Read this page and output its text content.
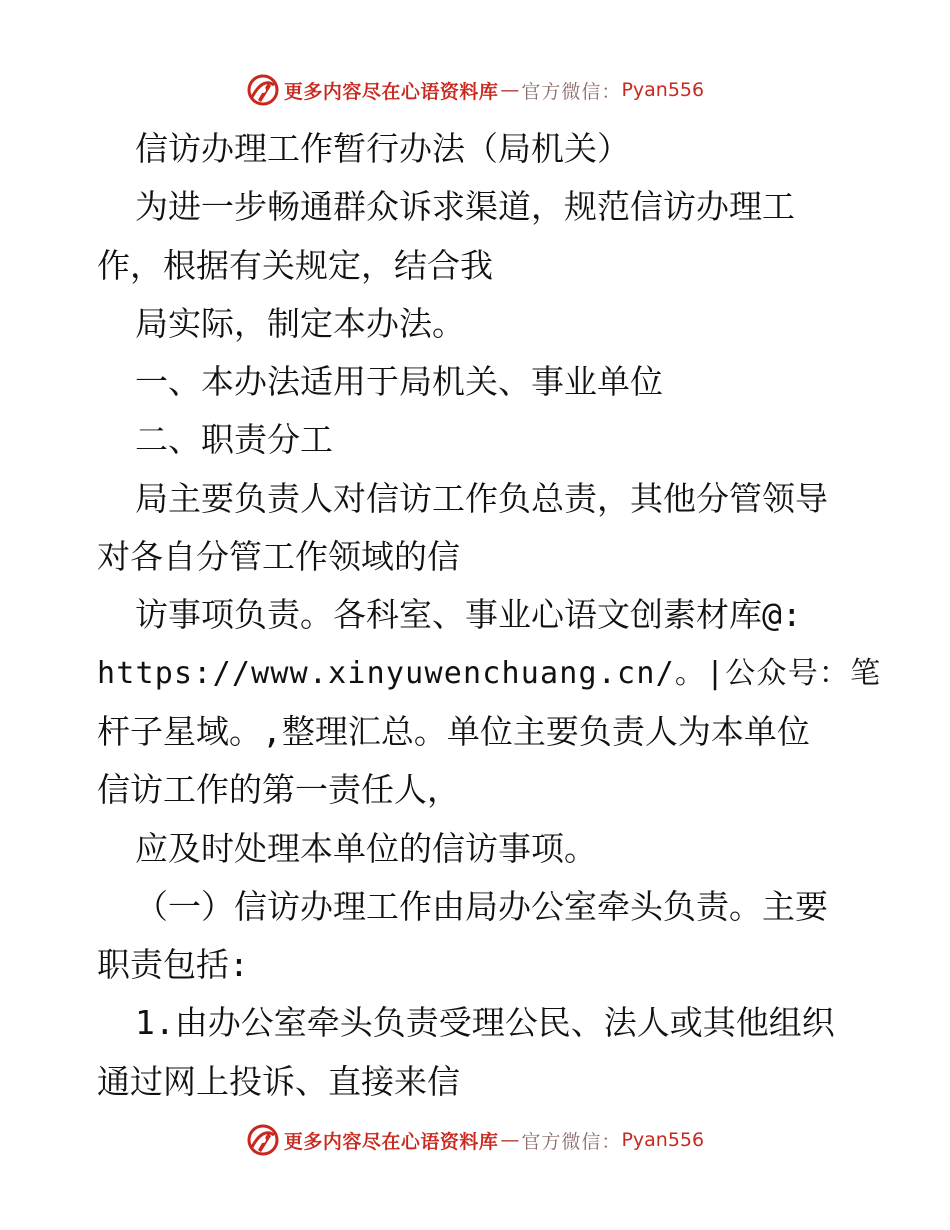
更多内容尽在心语资料库 — 官方微信： Pyan556
信访办理工作暂行办法（局机关）
为进一步畅通群众诉求渠道，规范信访办理工
作，根据有关规定，结合我
局实际，制定本办法。
一、本办法适用于局机关、事业单位
二、职责分工
局主要负责人对信访工作负总责，其他分管领导
对各自分管工作领域的信
访事项负责。各科室、事业心语文创素材库@:
https://www.xinyuwenchuang.cn/。|公众号：笔
杆子星域。,整理汇总。单位主要负责人为本单位
信访工作的第一责任人，
应及时处理本单位的信访事项。
（一）信访办理工作由局办公室牵头负责。主要
职责包括:
1.由办公室牵头负责受理公民、法人或其他组织
通过网上投诉、直接来信
更多内容尽在心语资料库 — 官方微信： Pyan556
